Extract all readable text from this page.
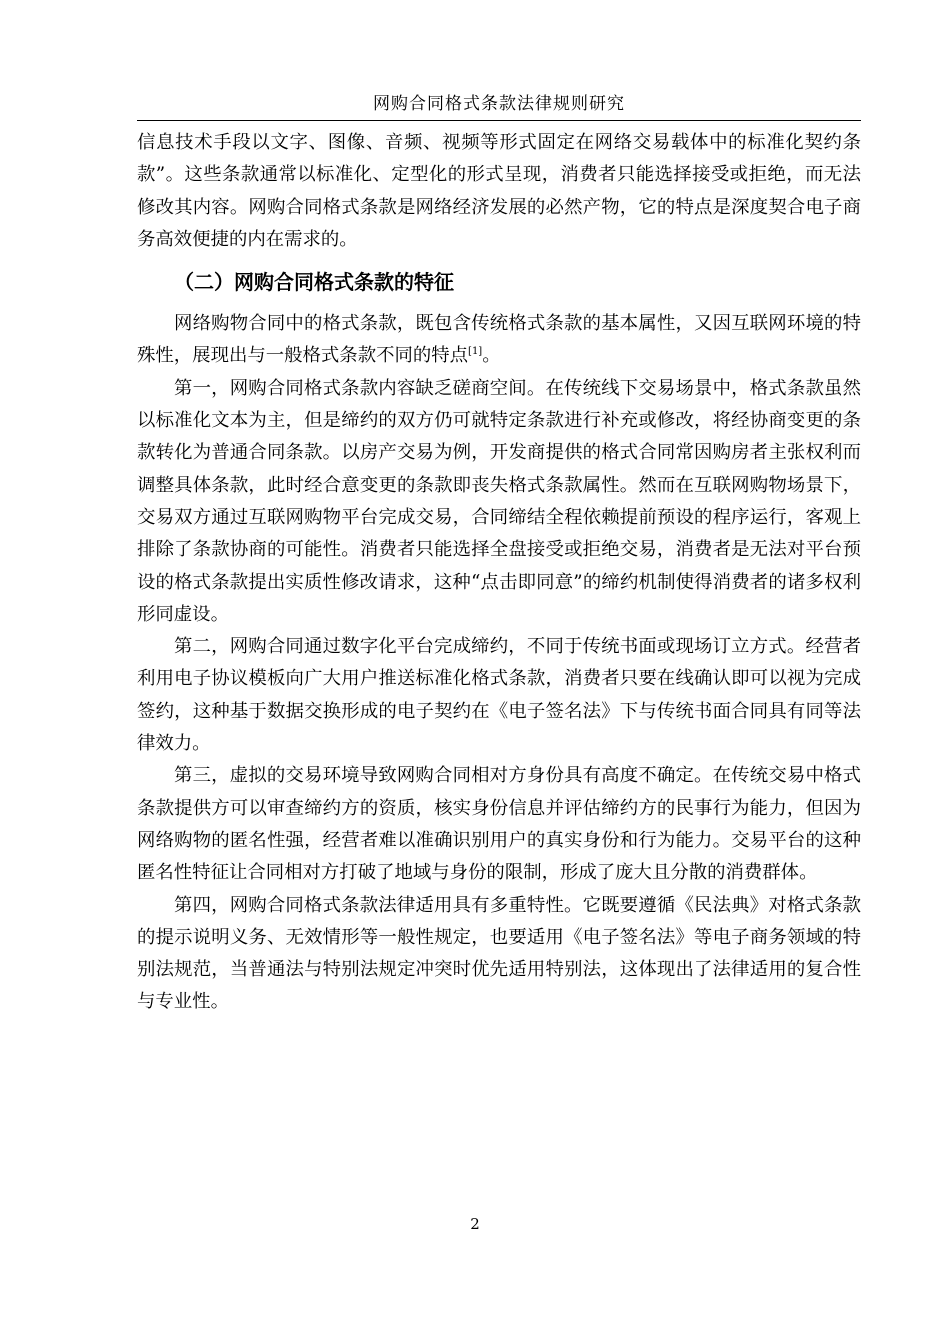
网购合同格式条款法律规则研究

信息技术手段以文字、图像、音频、视频等形式固定在网络交易载体中的标准化契约条款”。这些条款通常以标准化、定型化的形式呈现，消费者只能选择接受或拒绝，而无法修改其内容。网购合同格式条款是网络经济发展的必然产物，它的特点是深度契合电子商务高效便捷的内在需求的。

（二）网购合同格式条款的特征

网络购物合同中的格式条款，既包含传统格式条款的基本属性，又因互联网环境的特殊性，展现出与一般格式条款不同的特点[1]。

第一，网购合同格式条款内容缺乏磋商空间。在传统线下交易场景中，格式条款虽然以标准化文本为主，但是缔约的双方仍可就特定条款进行补充或修改，将经协商变更的条款转化为普通合同条款。以房产交易为例，开发商提供的格式合同常因购房者主张权利而调整具体条款，此时经合意变更的条款即丧失格式条款属性。然而在互联网购物场景下，交易双方通过互联网购物平台完成交易，合同缔结全程依赖提前预设的程序运行，客观上排除了条款协商的可能性。消费者只能选择全盘接受或拒绝交易，消费者是无法对平台预设的格式条款提出实质性修改请求，这种“点击即同意”的缔约机制使得消费者的诸多权利形同虚设。

第二，网购合同通过数字化平台完成缔约，不同于传统书面或现场订立方式。经营者利用电子协议模板向广大用户推送标准化格式条款，消费者只要在线确认即可以视为完成签约，这种基于数据交换形成的电子契约在《电子签名法》下与传统书面合同具有同等法律效力。

第三，虚拟的交易环境导致网购合同相对方身份具有高度不确定。在传统交易中格式条款提供方可以审查缔约方的资质，核实身份信息并评估缔约方的民事行为能力，但因为网络购物的匿名性强，经营者难以准确识别用户的真实身份和行为能力。交易平台的这种匿名性特征让合同相对方打破了地域与身份的限制，形成了庞大且分散的消费群体。

第四，网购合同格式条款法律适用具有多重特性。它既要遵循《民法典》对格式条款的提示说明义务、无效情形等一般性规定，也要适用《电子签名法》等电子商务领域的特别法规范，当普通法与特别法规定冲突时优先适用特别法，这体现出了法律适用的复合性与专业性。

2
